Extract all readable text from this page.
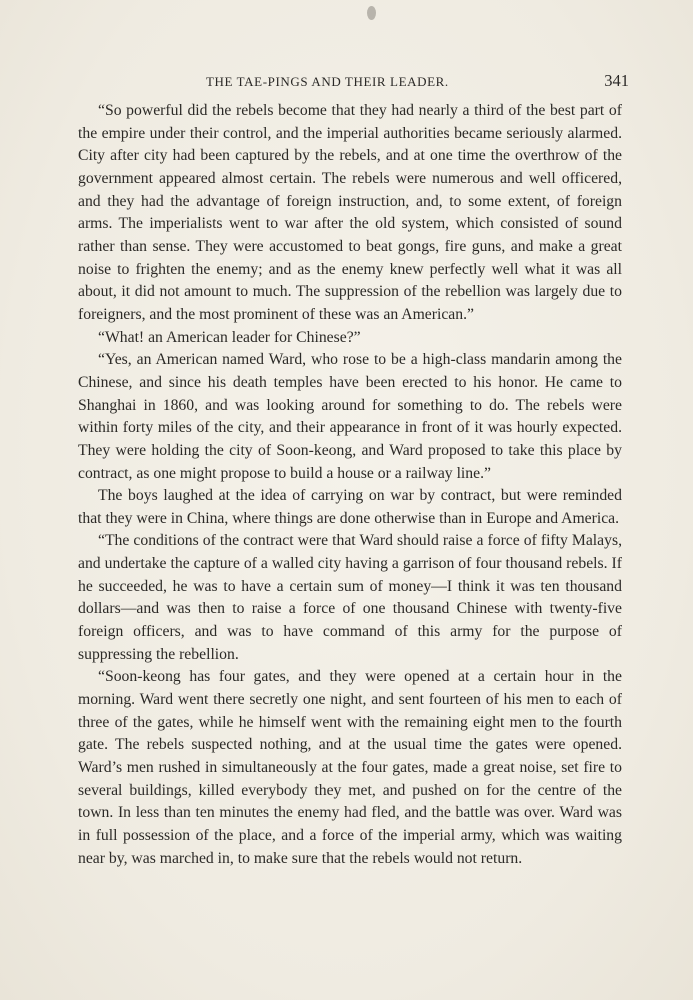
THE TAE-PINGS AND THEIR LEADER.	341

“So powerful did the rebels become that they had nearly a third of the best part of the empire under their control, and the imperial authorities became seriously alarmed. City after city had been captured by the rebels, and at one time the overthrow of the government appeared almost certain. The rebels were numerous and well officered, and they had the advantage of foreign instruction, and, to some extent, of foreign arms. The imperialists went to war after the old system, which consisted of sound rather than sense. They were accustomed to beat gongs, fire guns, and make a great noise to frighten the enemy; and as the enemy knew perfectly well what it was all about, it did not amount to much. The suppression of the rebellion was largely due to foreigners, and the most prominent of these was an American.”

“What! an American leader for Chinese?”

“Yes, an American named Ward, who rose to be a high-class mandarin among the Chinese, and since his death temples have been erected to his honor. He came to Shanghai in 1860, and was looking around for something to do. The rebels were within forty miles of the city, and their appearance in front of it was hourly expected. They were holding the city of Soon-keong, and Ward proposed to take this place by contract, as one might propose to build a house or a railway line.”

The boys laughed at the idea of carrying on war by contract, but were reminded that they were in China, where things are done otherwise than in Europe and America.

“The conditions of the contract were that Ward should raise a force of fifty Malays, and undertake the capture of a walled city having a garrison of four thousand rebels. If he succeeded, he was to have a certain sum of money—I think it was ten thousand dollars—and was then to raise a force of one thousand Chinese with twenty-five foreign officers, and was to have command of this army for the purpose of suppressing the rebellion.

“Soon-keong has four gates, and they were opened at a certain hour in the morning. Ward went there secretly one night, and sent fourteen of his men to each of three of the gates, while he himself went with the remaining eight men to the fourth gate. The rebels suspected nothing, and at the usual time the gates were opened. Ward’s men rushed in simultaneously at the four gates, made a great noise, set fire to several buildings, killed everybody they met, and pushed on for the centre of the town. In less than ten minutes the enemy had fled, and the battle was over. Ward was in full possession of the place, and a force of the imperial army, which was waiting near by, was marched in, to make sure that the rebels would not return.
